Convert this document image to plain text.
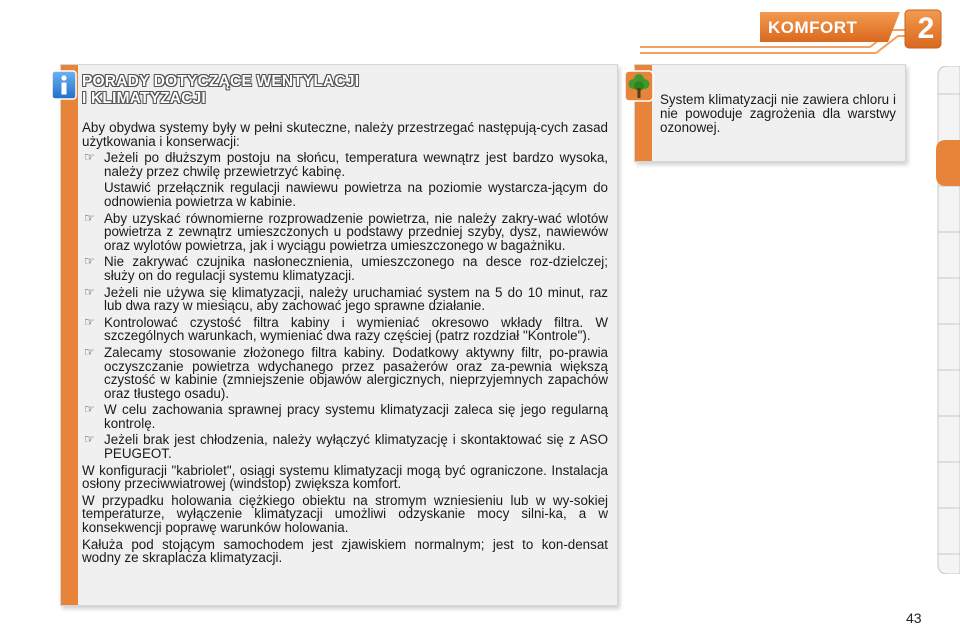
KOMFORT 2
PORADY DOTYCZĄCE WENTYLACJI
I KLIMATYZACJI

Aby obydwa systemy były w pełni skuteczne, należy przestrzegać następują-cych zasad użytkowania i konserwacji:

☞ Jeżeli po dłuższym postoju na słońcu, temperatura wewnątrz jest bardzo wysoka, należy przez chwilę przewietrzyć kabinę.
Ustawić przełącznik regulacji nawiewu powietrza na poziomie wystarcza-jącym do odnowienia powietrza w kabinie.
☞ Aby uzyskać równomierne rozprowadzenie powietrza, nie należy zakry-wać wlotów powietrza z zewnątrz umieszczonych u podstawy przedniej szyby, dysz, nawiewów oraz wylotów powietrza, jak i wyciągu powietrza umieszczonego w bagażniku.
☞ Nie zakrywać czujnika nasłonecznienia, umieszczonego na desce roz-dzielczej; służy on do regulacji systemu klimatyzacji.
☞ Jeżeli nie używa się klimatyzacji, należy uruchamiać system na 5 do 10 minut, raz lub dwa razy w miesiącu, aby zachować jego sprawne działanie.
☞ Kontrolować czystość filtra kabiny i wymieniać okresowo wkłady filtra. W szczególnych warunkach, wymieniać dwa razy częściej (patrz rozdział "Kontrole").
☞ Zalecamy stosowanie złożonego filtra kabiny. Dodatkowy aktywny filtr, po-prawia oczyszczanie powietrza wdychanego przez pasażerów oraz za-pewnia większą czystość w kabinie (zmniejszenie objawów alergicznych, nieprzyjemnych zapachów oraz tłustego osadu).
☞ W celu zachowania sprawnej pracy systemu klimatyzacji zaleca się jego regularną kontrolę.
☞ Jeżeli brak jest chłodzenia, należy wyłączyć klimatyzację i skontaktować się z ASO PEUGEOT.

W konfiguracji "kabriolet", osiągi systemu klimatyzacji mogą być ograniczone. Instalacja osłony przeciwwiatrowej (windstop) zwiększa komfort.

W przypadku holowania ciężkiego obiektu na stromym wzniesieniu lub w wy-sokiej temperaturze, wyłączenie klimatyzacji umożliwi odzyskanie mocy silni-ka, a w konsekwencji poprawę warunków holowania.

Kałuża pod stojącym samochodem jest zjawiskiem normalnym; jest to kon-densat wodny ze skraplacza klimatyzacji.

System klimatyzacji nie zawiera chloru i nie powoduje zagrożenia dla warstwy ozonowej.
43
